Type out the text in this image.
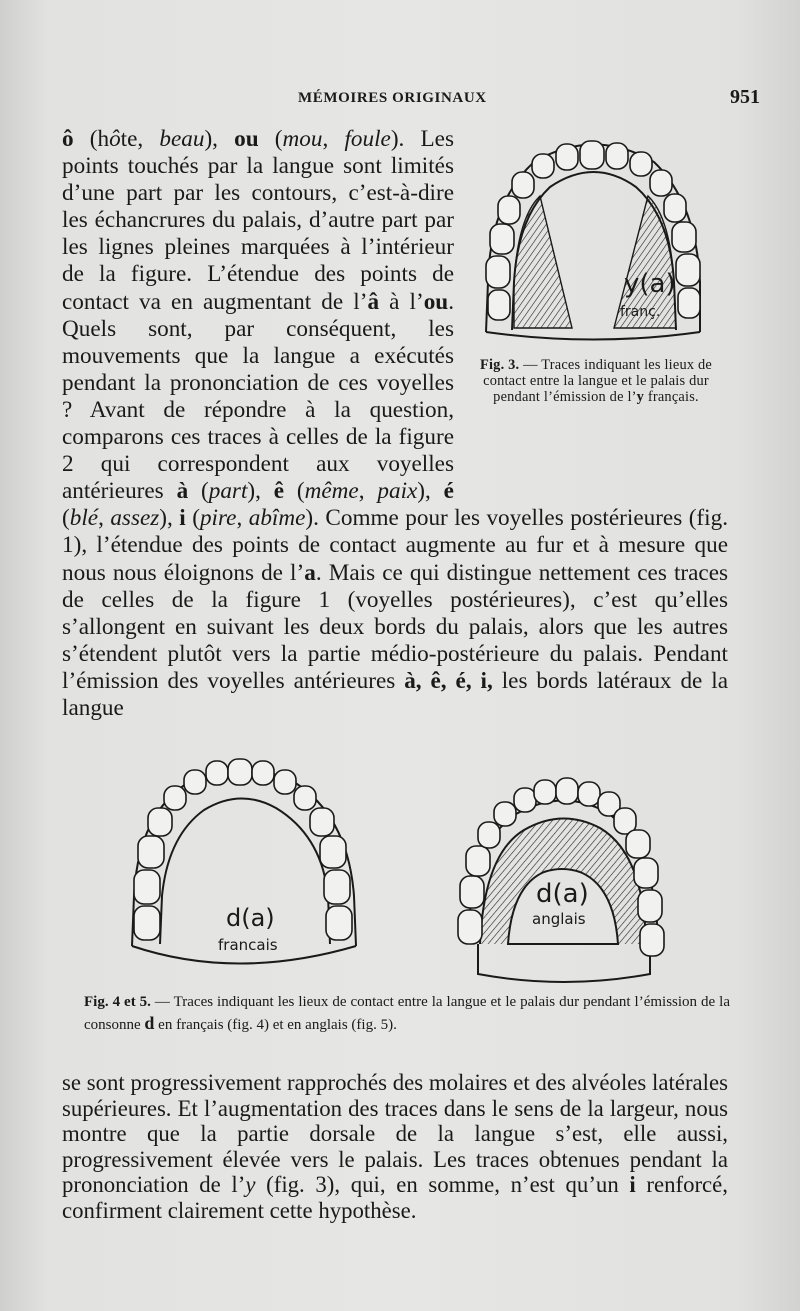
MÉMOIRES ORIGINAUX	951

y(a)
franç.
Fig. 3. — Traces indiquant les lieux de contact entre la langue et le palais dur pendant l’émission de l’y français.
ô (hôte, beau), ou (mou, foule). Les points touchés par la langue sont limités d’une part par les contours, c’est-à-dire les échancrures du palais, d’autre part par les lignes pleines marquées à l’intérieur de la figure. L’étendue des points de contact va en augmentant de l’â à l’ou. Quels sont, par conséquent, les mouvements que la langue a exécutés pendant la prononciation de ces voyelles ? Avant de répondre à la question, comparons ces traces à celles de la figure 2 qui correspondent aux voyelles antérieures à (part), ê (même, paix), é (blé, assez), i (pire, abîme). Comme pour les voyelles postérieures (fig. 1), l’étendue des points de contact augmente au fur et à mesure que nous nous éloignons de l’a. Mais ce qui distingue nettement ces traces de celles de la figure 1 (voyelles postérieures), c’est qu’elles s’allongent en suivant les deux bords du palais, alors que les autres s’étendent plutôt vers la partie médio-postérieure du palais. Pendant l’émission des voyelles antérieures à, ê, é, i, les bords latéraux de la langue

d(a)
francais
d(a)
anglais

Fig. 4 et 5. — Traces indiquant les lieux de contact entre la langue et le palais dur pendant l’émission de la consonne d en français (fig. 4) et en anglais (fig. 5).

se sont progressivement rapprochés des molaires et des alvéoles latérales supérieures. Et l’augmentation des traces dans le sens de la largeur, nous montre que la partie dorsale de la langue s’est, elle aussi, progressivement élevée vers le palais. Les traces obtenues pendant la prononciation de l’y (fig. 3), qui, en somme, n’est qu’un i renforcé, confirment clairement cette hypothèse.
